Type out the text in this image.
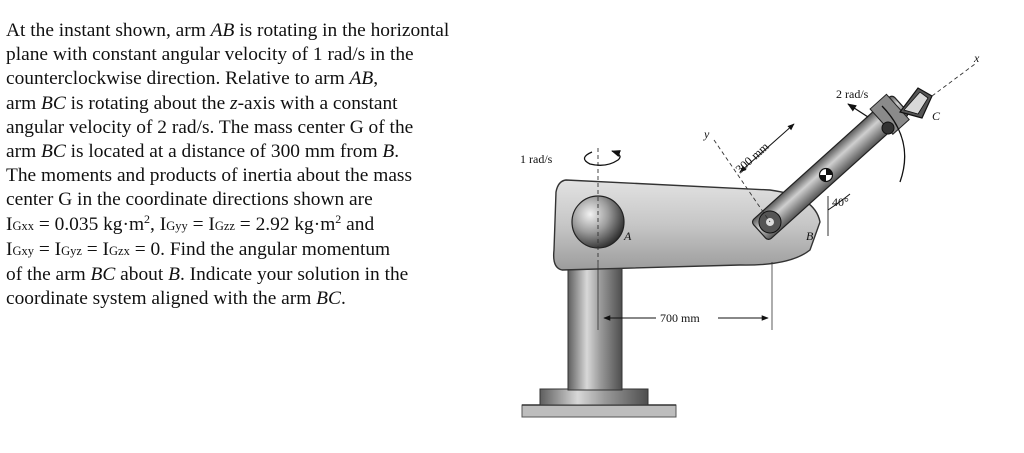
At the instant shown, arm AB is rotating in the horizontal
plane with constant angular velocity of 1 rad/s in the
counterclockwise direction. Relative to arm AB,
arm BC is rotating about the z-axis with a constant
angular velocity of 2 rad/s. The mass center G of the
arm BC is located at a distance of 300 mm from B.
The moments and products of inertia about the mass
center G in the coordinate directions shown are
IGxx = 0.035 $kg\cdot m^2$, IGyy = IGzz = 2.92 $kg\cdot m^2$ and
IGxy = IGyz = IGzx = 0. Find the angular momentum
of the arm BC about B. Indicate your solution in the
coordinate system aligned with the arm BC.
1 rad/s
2 rad/s
300 mm
700 mm
40°
A	B
C
x
y
